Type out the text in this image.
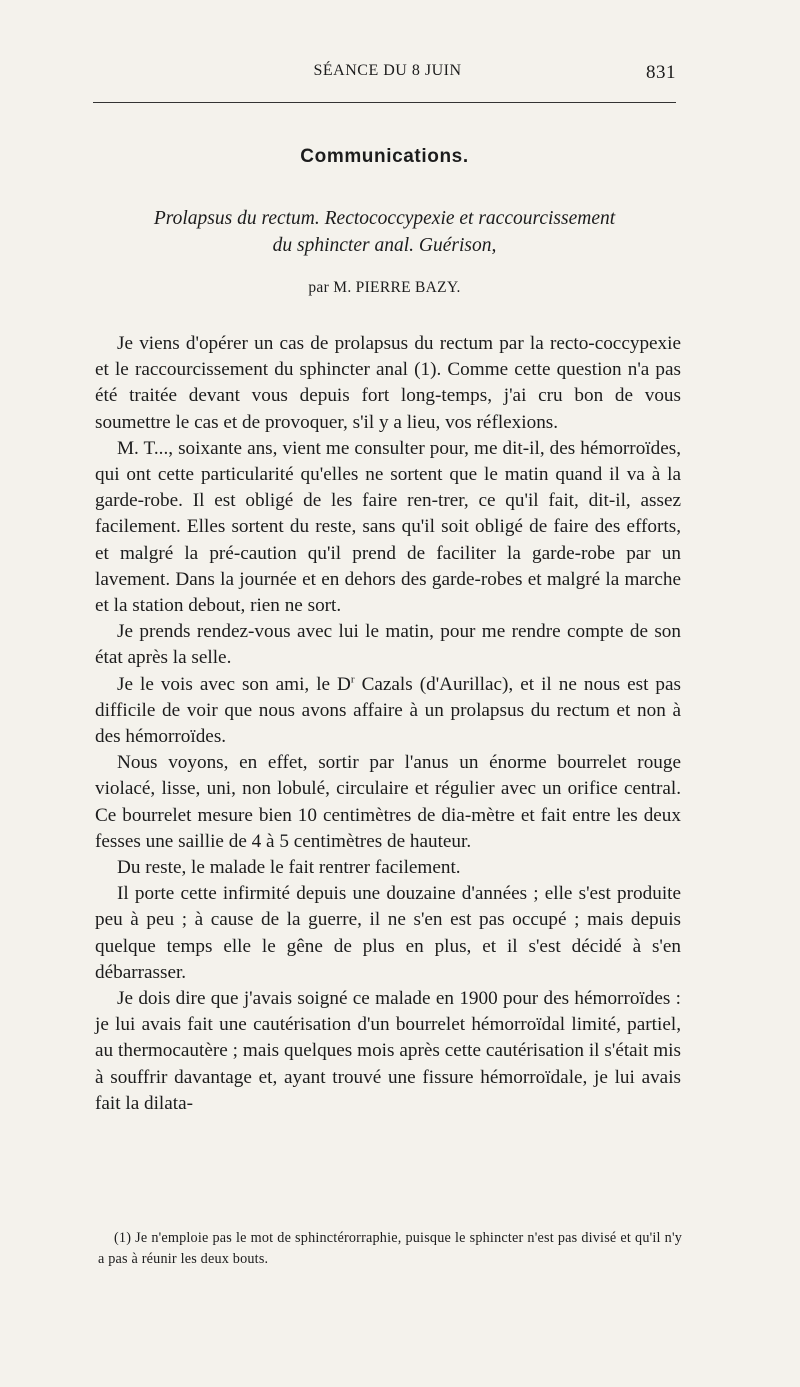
SÉANCE DU 8 JUIN	831
Communications.
Prolapsus du rectum. Rectococcypexie et raccourcissement
du sphincter anal. Guérison,
par M. PIERRE BAZY.

Je viens d'opérer un cas de prolapsus du rectum par la recto-coccypexie et le raccourcissement du sphincter anal (1). Comme cette question n'a pas été traitée devant vous depuis fort long-temps, j'ai cru bon de vous soumettre le cas et de provoquer, s'il y a lieu, vos réflexions.

M. T..., soixante ans, vient me consulter pour, me dit-il, des hémorroïdes, qui ont cette particularité qu'elles ne sortent que le matin quand il va à la garde-robe. Il est obligé de les faire ren-trer, ce qu'il fait, dit-il, assez facilement. Elles sortent du reste, sans qu'il soit obligé de faire des efforts, et malgré la pré-caution qu'il prend de faciliter la garde-robe par un lavement. Dans la journée et en dehors des garde-robes et malgré la marche et la station debout, rien ne sort.

Je prends rendez-vous avec lui le matin, pour me rendre compte de son état après la selle.

Je le vois avec son ami, le $D^r$ Cazals (d'Aurillac), et il ne nous est pas difficile de voir que nous avons affaire à un prolapsus du rectum et non à des hémorroïdes.

Nous voyons, en effet, sortir par l'anus un énorme bourrelet rouge violacé, lisse, uni, non lobulé, circulaire et régulier avec un orifice central. Ce bourrelet mesure bien 10 centimètres de dia-mètre et fait entre les deux fesses une saillie de 4 à 5 centimètres de hauteur.

Du reste, le malade le fait rentrer facilement.

Il porte cette infirmité depuis une douzaine d'années ; elle s'est produite peu à peu ; à cause de la guerre, il ne s'en est pas occupé ; mais depuis quelque temps elle le gêne de plus en plus, et il s'est décidé à s'en débarrasser.

Je dois dire que j'avais soigné ce malade en 1900 pour des hémorroïdes : je lui avais fait une cautérisation d'un bourrelet hémorroïdal limité, partiel, au thermocautère ; mais quelques mois après cette cautérisation il s'était mis à souffrir davantage et, ayant trouvé une fissure hémorroïdale, je lui avais fait la dilata-

(1) Je n'emploie pas le mot de sphinctérorraphie, puisque le sphincter n'est pas divisé et qu'il n'y a pas à réunir les deux bouts.
